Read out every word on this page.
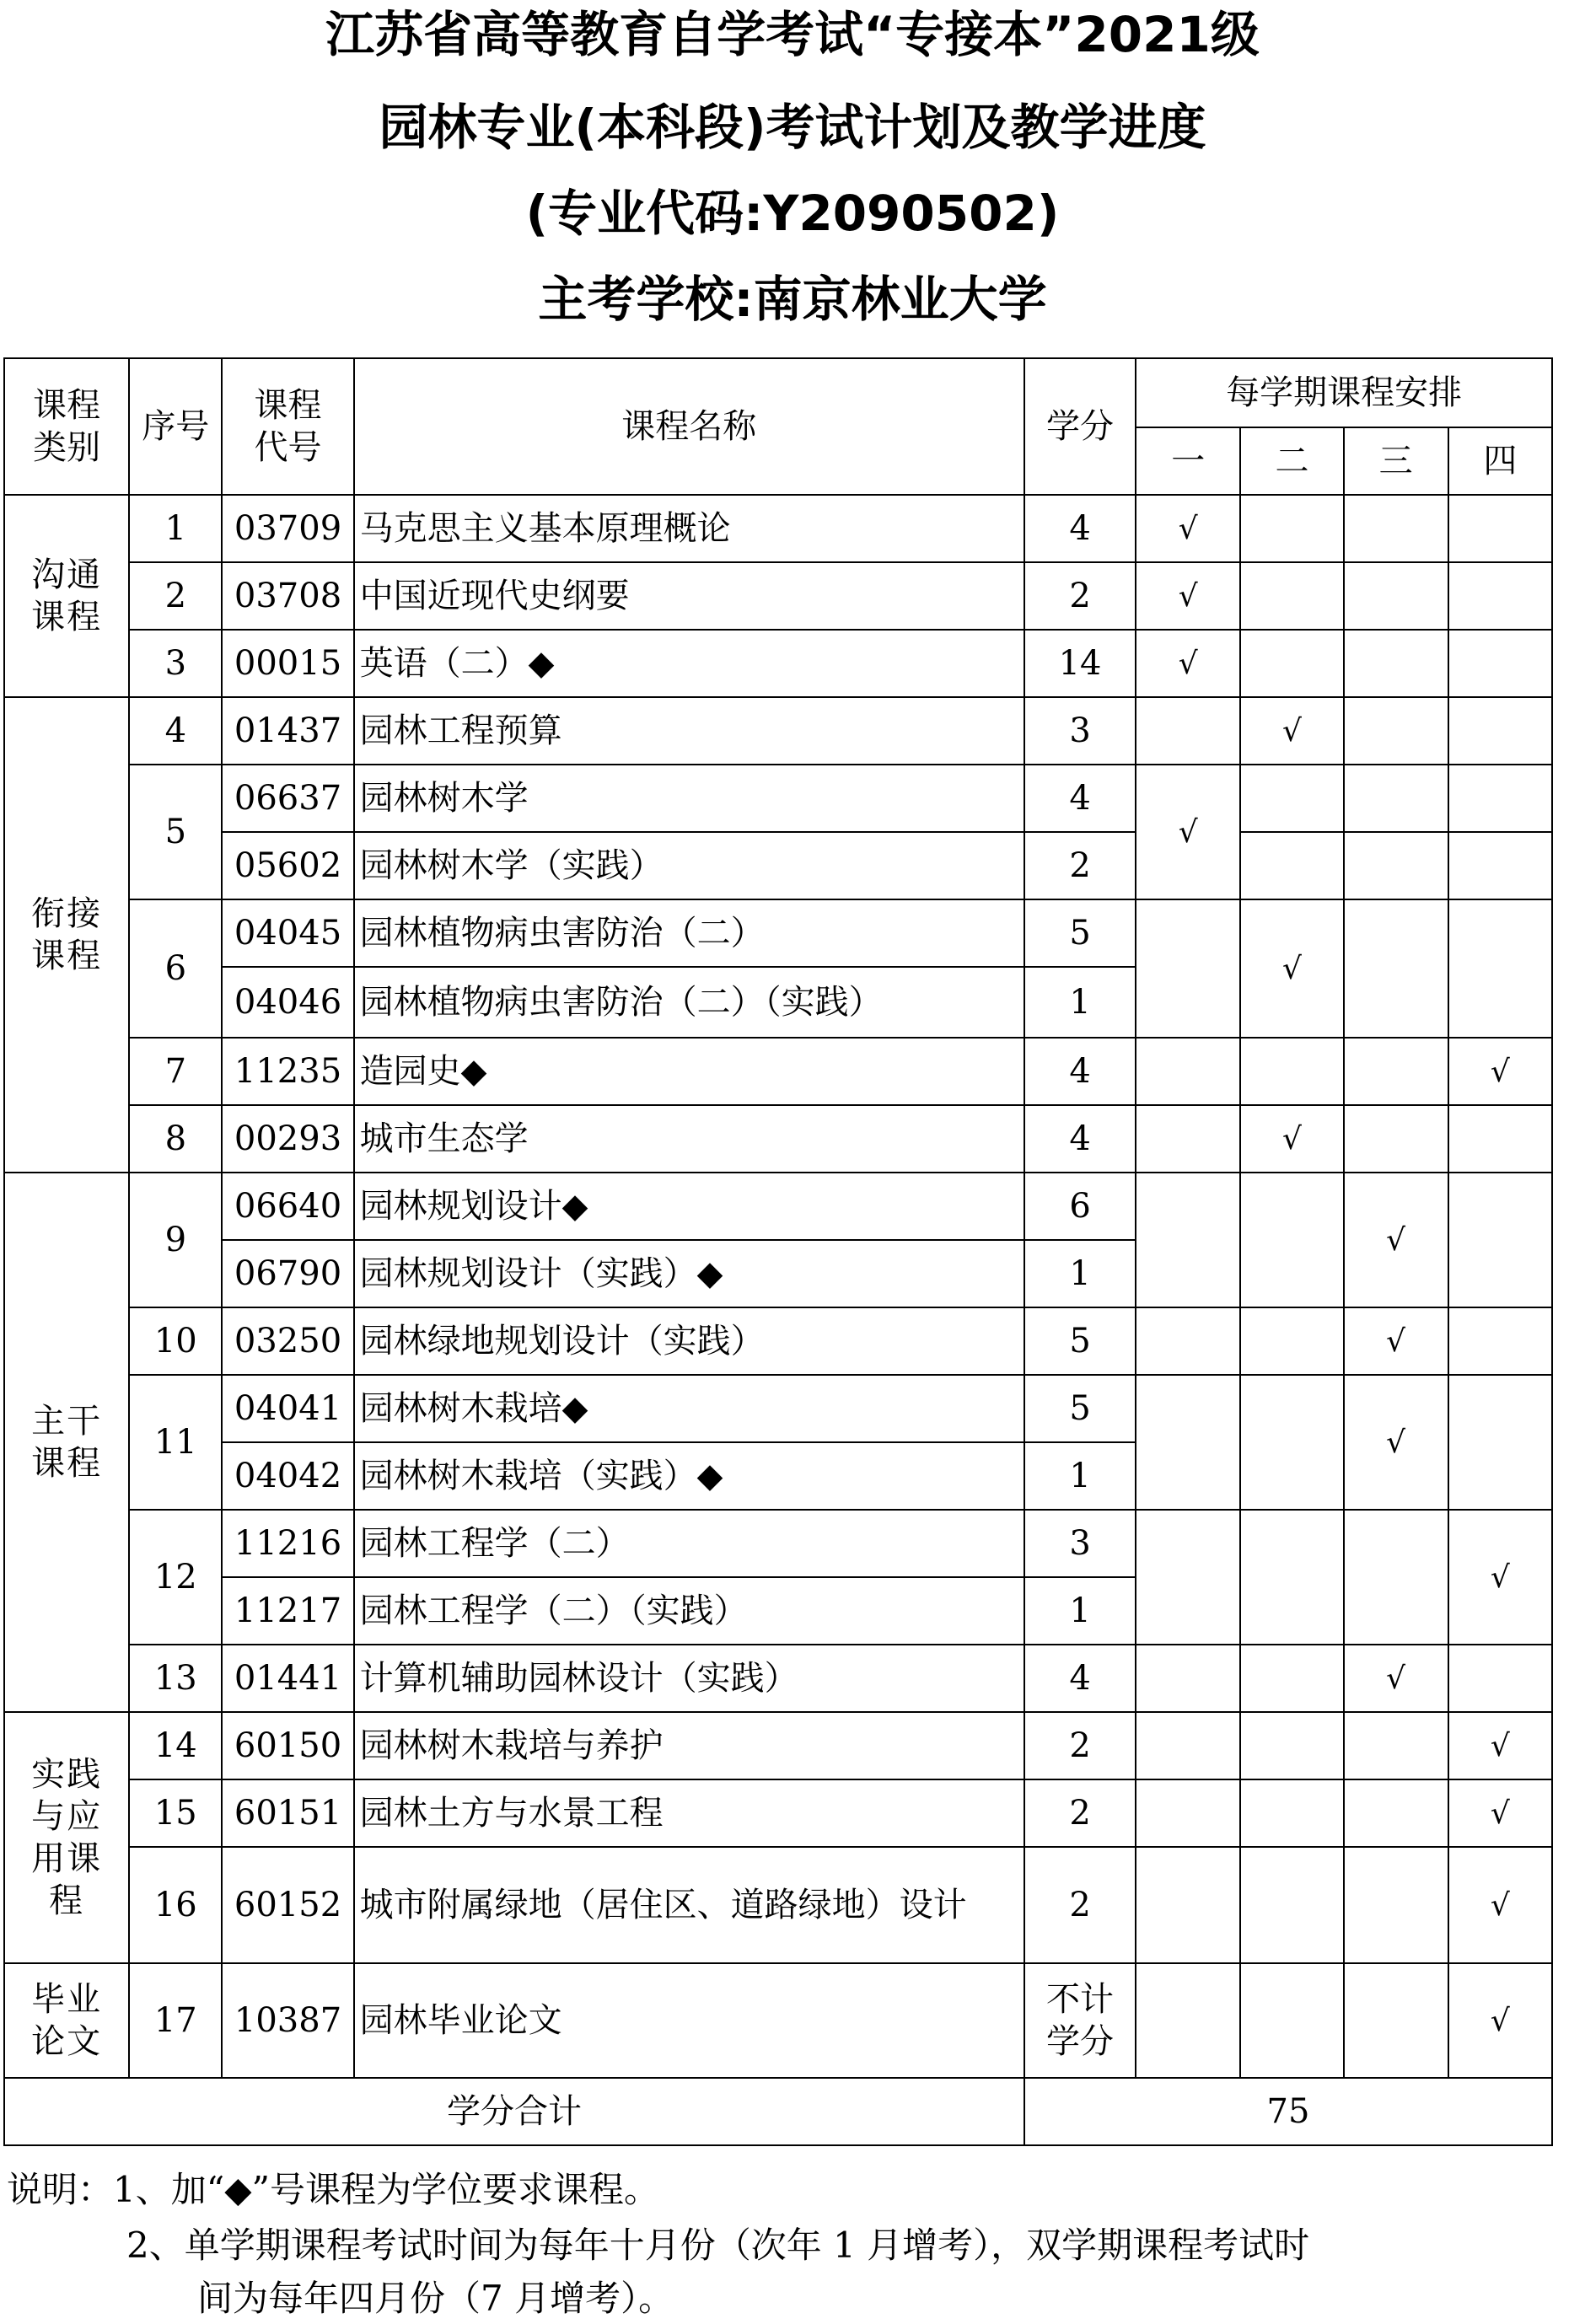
江苏省高等教育自学考试“专接本”2021级
园林专业(本科段)考试计划及教学进度
(专业代码:Y2090502)
主考学校:南京林业大学
课程类别	序号	课程代号	课程名称	学分	每学期课程安排			
					一	二	三	四

沟通课程	1	03709	马克思主义基本原理概论	4	√			
	2	03708	中国近现代史纲要	2	√			
	3	00015	英语（二）◆	14	√			

衔接课程	4	01437	园林工程预算	3		√		
	5	06637	园林树木学	4	√			
		05602	园林树木学（实践）	2				
	6	04045	园林植物病虫害防治（二）	5		√		
		04046	园林植物病虫害防治（二）（实践）	1				
	7	11235	造园史◆	4				√
	8	00293	城市生态学	4		√		

主干课程	9	06640	园林规划设计◆	6			√	
		06790	园林规划设计（实践）◆	1				
	10	03250	园林绿地规划设计（实践）	5			√	
	11	04041	园林树木栽培◆	5			√	
		04042	园林树木栽培（实践）◆	1				
	12	11216	园林工程学（二）	3				√
		11217	园林工程学（二）（实践）	1				
	13	01441	计算机辅助园林设计（实践）	4			√	

实践与应用课程	14	60150	园林树木栽培与养护	2				√
	15	60151	园林土方与水景工程	2				√
	16	60152	城市附属绿地（居住区、道路绿地）设计	2				√

毕业论文	17	10387	园林毕业论文	不计学分				√
学分合计				75				
说明：1、加“◆”号课程为学位要求课程。
2、单学期课程考试时间为每年十月份（次年 1 月增考），双学期课程考试时
间为每年四月份（7 月增考）。
